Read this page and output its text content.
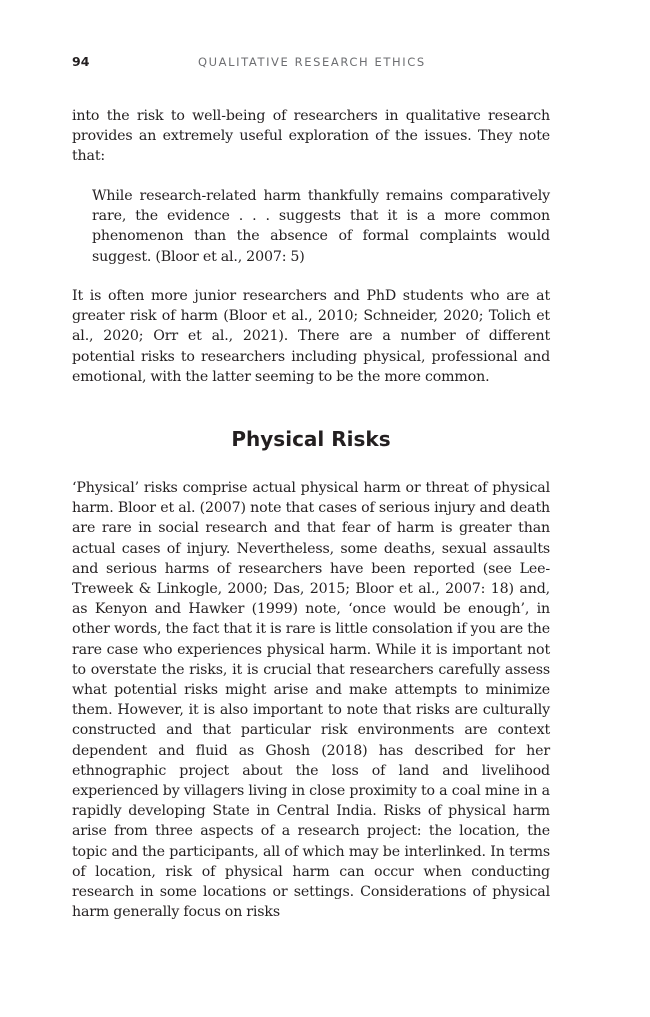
94	QUALITATIVE RESEARCH ETHICS

into the risk to well-being of researchers in qualitative research provides an extremely useful exploration of the issues. They note that:

While research-related harm thankfully remains comparatively rare, the evidence . . . suggests that it is a more common phenomenon than the absence of formal complaints would suggest. (Bloor et al., 2007: 5)

It is often more junior researchers and PhD students who are at greater risk of harm (Bloor et al., 2010; Schneider, 2020; Tolich et al., 2020; Orr et al., 2021). There are a number of different potential risks to researchers including physical, professional and emotional, with the latter seeming to be the more common.

Physical Risks

‘Physical’ risks comprise actual physical harm or threat of physical harm. Bloor et al. (2007) note that cases of serious injury and death are rare in social research and that fear of harm is greater than actual cases of injury. Nevertheless, some deaths, sexual assaults and serious harms of researchers have been reported (see Lee-Treweek & Linkogle, 2000; Das, 2015; Bloor et al., 2007: 18) and, as Kenyon and Hawker (1999) note, ‘once would be enough’, in other words, the fact that it is rare is little consolation if you are the rare case who experiences physical harm. While it is important not to overstate the risks, it is crucial that researchers carefully assess what potential risks might arise and make attempts to minimize them. However, it is also important to note that risks are culturally constructed and that particular risk environments are context dependent and fluid as Ghosh (2018) has described for her ethnographic project about the loss of land and livelihood experienced by villagers living in close proximity to a coal mine in a rapidly developing State in Central India. Risks of physical harm arise from three aspects of a research project: the location, the topic and the participants, all of which may be interlinked. In terms of location, risk of physical harm can occur when conducting research in some locations or settings. Considerations of physical harm generally focus on risks
